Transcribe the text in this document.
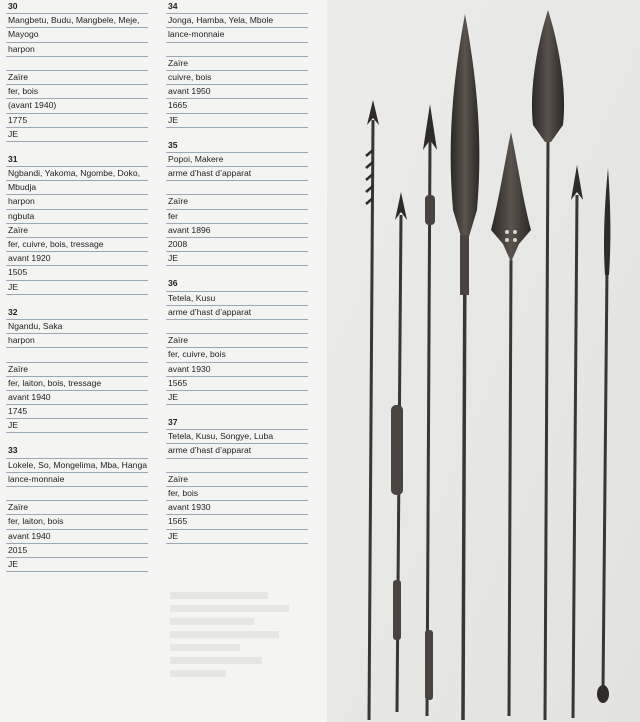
30
Mangbetu, Budu, Mangbele, Meje,
Mayogo
harpon
Zaïre
fer, bois
(avant 1940)
1775
JE
31
Ngbandi, Yakoma, Ngombe, Doko,
Mbudja
harpon
ngbuta
Zaïre
fer, cuivre, bois, tressage
avant 1920
1505
JE
32
Ngandu, Saka
harpon
Zaïre
fer, laiton, bois, tressage
avant 1940
1745
JE
33
Lokele, So, Mongelima, Mba, Hanga
lance-monnaie
Zaïre
fer, laiton, bois
avant 1940
2015
JE
34
Jonga, Hamba, Yela, Mbole
lance-monnaie
Zaïre
cuivre, bois
avant 1950
1665
JE
35
Popoi, Makere
arme d’hast d’apparat
Zaïre
fer
avant 1896
2008
JE
36
Tetela, Kusu
arme d’hast d’apparat
Zaïre
fer, cuivre, bois
avant 1930
1565
JE
37
Tetela, Kusu, Songye, Luba
arme d’hast d’apparat
Zaïre
fer, bois
avant 1930
1565
JE
